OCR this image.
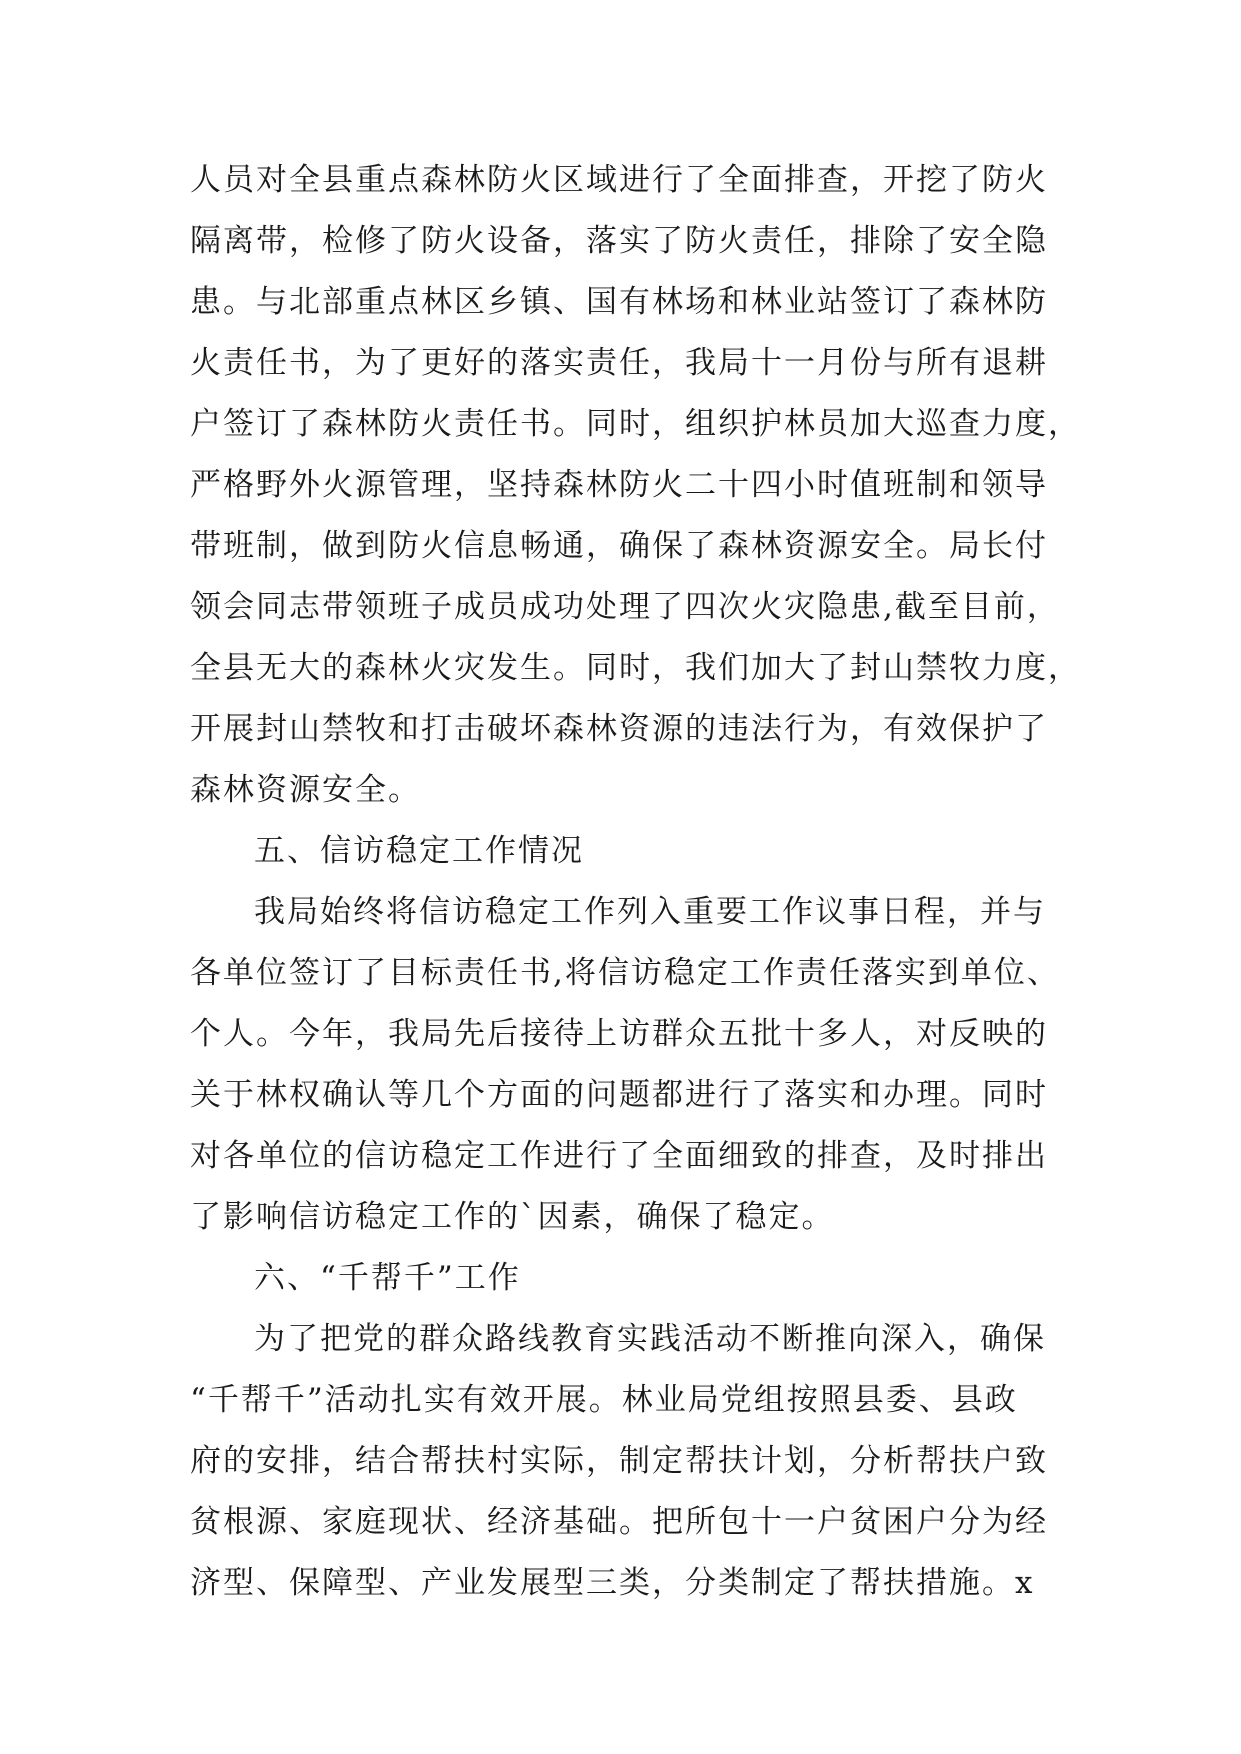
人员对全县重点森林防火区域进行了全面排查，开挖了防火
隔离带，检修了防火设备，落实了防火责任，排除了安全隐
患。与北部重点林区乡镇、国有林场和林业站签订了森林防
火责任书，为了更好的落实责任，我局十一月份与所有退耕
户签订了森林防火责任书。同时，组织护林员加大巡查力度，
严格野外火源管理，坚持森林防火二十四小时值班制和领导
带班制，做到防火信息畅通，确保了森林资源安全。局长付
领会同志带领班子成员成功处理了四次火灾隐患,截至目前，
全县无大的森林火灾发生。同时，我们加大了封山禁牧力度，
开展封山禁牧和打击破坏森林资源的违法行为，有效保护了
森林资源安全。
五、信访稳定工作情况
我局始终将信访稳定工作列入重要工作议事日程，并与
各单位签订了目标责任书,将信访稳定工作责任落实到单位、
个人。今年，我局先后接待上访群众五批十多人，对反映的
关于林权确认等几个方面的问题都进行了落实和办理。同时
对各单位的信访稳定工作进行了全面细致的排查，及时排出
了影响信访稳定工作的`因素，确保了稳定。
六、“千帮千”工作
为了把党的群众路线教育实践活动不断推向深入，确保
“千帮千”活动扎实有效开展。林业局党组按照县委、县政
府的安排，结合帮扶村实际，制定帮扶计划，分析帮扶户致
贫根源、家庭现状、经济基础。把所包十一户贫困户分为经
济型、保障型、产业发展型三类，分类制定了帮扶措施。x
